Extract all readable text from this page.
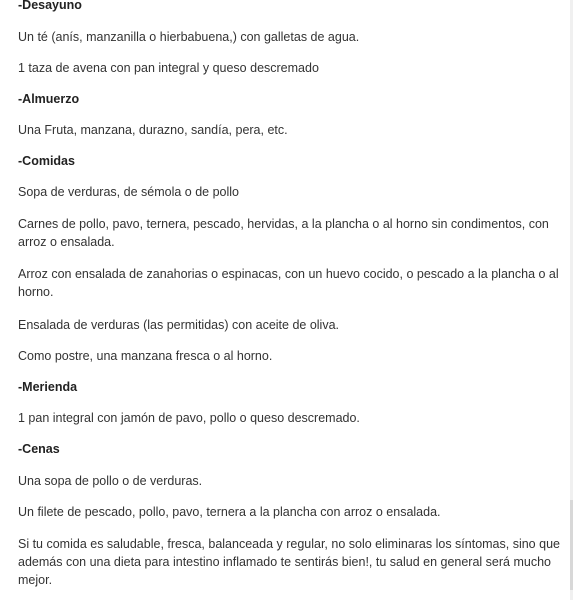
-Desayuno
Un té (anís, manzanilla o hierbabuena,) con galletas de agua.
1 taza de avena con pan integral y queso descremado
-Almuerzo
Una Fruta, manzana, durazno, sandía, pera, etc.
-Comidas
Sopa de verduras, de sémola o de pollo
Carnes de pollo, pavo, ternera, pescado, hervidas, a la plancha o al horno sin condimentos, con arroz o ensalada.
Arroz con ensalada de zanahorias o espinacas, con un huevo cocido, o pescado a la plancha o al horno.
Ensalada de verduras (las permitidas) con aceite de oliva.
Como postre, una manzana fresca o al horno.
-Merienda
1 pan integral con jamón de pavo, pollo o queso descremado.
-Cenas
Una sopa de pollo o de verduras.
Un filete de pescado, pollo, pavo, ternera a la plancha con arroz o ensalada.
Si tu comida es saludable, fresca, balanceada y regular, no solo eliminaras los síntomas, sino que además con una dieta para intestino inflamado te sentirás bien!, tu salud en general será mucho mejor.
